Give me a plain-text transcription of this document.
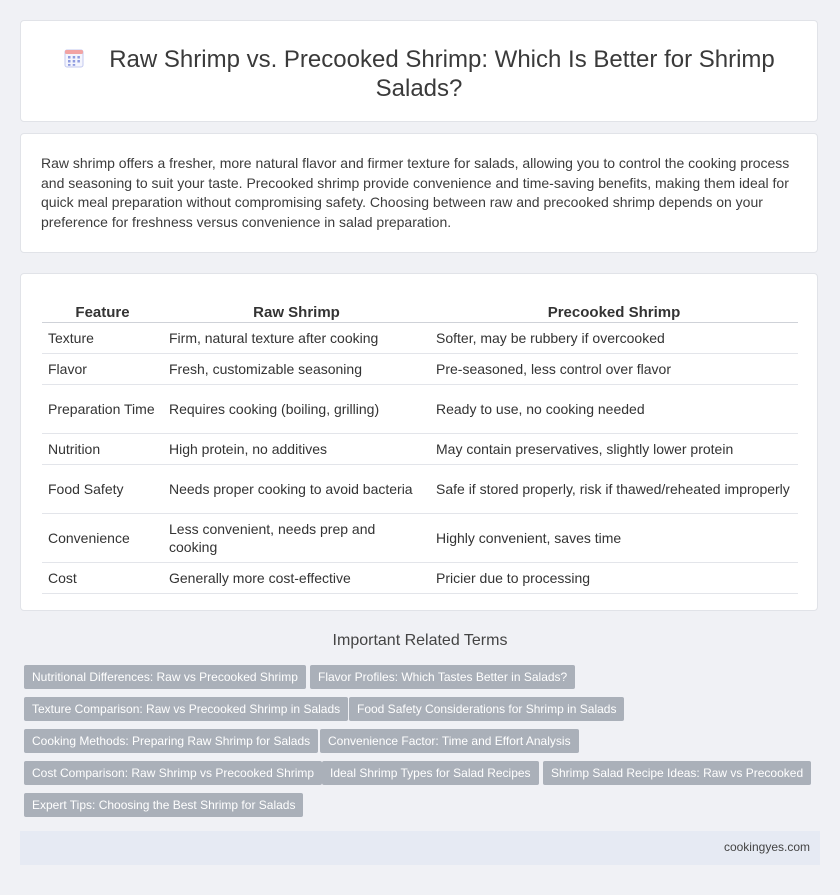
Raw Shrimp vs. Precooked Shrimp: Which Is Better for Shrimp Salads?
Raw shrimp offers a fresher, more natural flavor and firmer texture for salads, allowing you to control the cooking process and seasoning to suit your taste. Precooked shrimp provide convenience and time-saving benefits, making them ideal for quick meal preparation without compromising safety. Choosing between raw and precooked shrimp depends on your preference for freshness versus convenience in salad preparation.
Feature	Raw Shrimp	Precooked Shrimp
Texture	Firm, natural texture after cooking	Softer, may be rubbery if overcooked
Flavor	Fresh, customizable seasoning	Pre-seasoned, less control over flavor
Preparation Time	Requires cooking (boiling, grilling)	Ready to use, no cooking needed
Nutrition	High protein, no additives	May contain preservatives, slightly lower protein
Food Safety	Needs proper cooking to avoid bacteria	Safe if stored properly, risk if thawed/reheated improperly
Convenience	Less convenient, needs prep and cooking	Highly convenient, saves time
Cost	Generally more cost-effective	Pricier due to processing
Important Related Terms
Nutritional Differences: Raw vs Precooked Shrimp	Flavor Profiles: Which Tastes Better in Salads?
Texture Comparison: Raw vs Precooked Shrimp in Salads	Food Safety Considerations for Shrimp in Salads
Cooking Methods: Preparing Raw Shrimp for Salads	Convenience Factor: Time and Effort Analysis
Cost Comparison: Raw Shrimp vs Precooked Shrimp	Ideal Shrimp Types for Salad Recipes	Shrimp Salad Recipe Ideas: Raw vs Precooked
Expert Tips: Choosing the Best Shrimp for Salads
cookingyes.com
